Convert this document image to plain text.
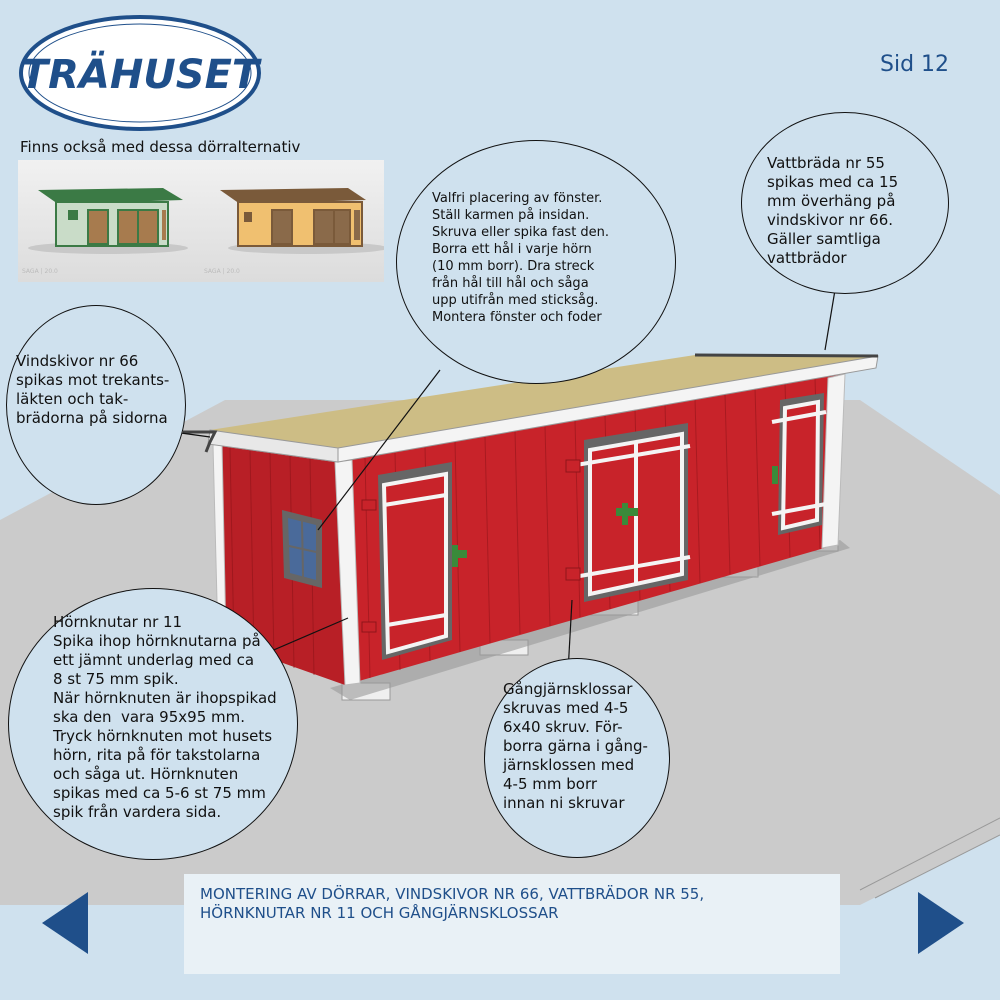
TRÄHUSET	Sid 12
Finns också med dessa dörralternativ
SAGA | 20.0	SAGA | 20.0
Valfri placering av fönster.
Ställ karmen på insidan.
Skruva eller spika fast den.
Borra ett hål i varje hörn
(10 mm borr). Dra streck
från hål till hål och såga
upp utifrån med sticksåg.
Montera fönster och foder
Vattbräda nr 55
spikas med ca 15
mm överhäng på
vindskivor nr 66.
Gäller samtliga
vattbrädor
Vindskivor nr 66
spikas mot trekants-
läkten och tak-
brädorna på sidorna
Hörnknutar nr 11
Spika ihop hörnknutarna på
ett jämnt underlag med ca
8 st 75 mm spik.
När hörnknuten är ihopspikad
ska den  vara 95x95 mm.
Tryck hörnknuten mot husets
hörn, rita på för takstolarna
och såga ut. Hörnknuten
spikas med ca 5-6 st 75 mm
spik från vardera sida.
Gångjärnsklossar
skruvas med 4-5
6x40 skruv. För-
borra gärna i gång-
järnsklossen med
4-5 mm borr
innan ni skruvar
MONTERING AV DÖRRAR, VINDSKIVOR NR 66, VATTBRÄDOR NR 55,
HÖRNKNUTAR NR 11 OCH GÅNGJÄRNSKLOSSAR
